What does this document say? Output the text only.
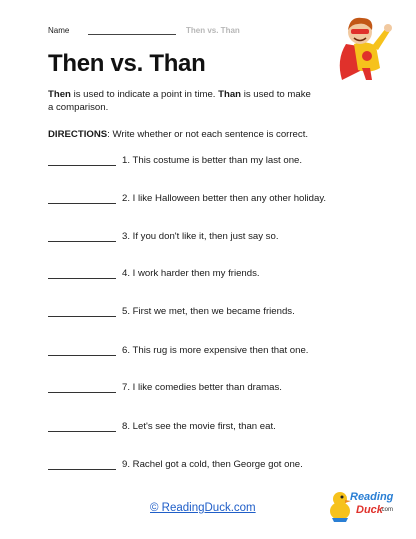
Name	Then vs. Than
Then vs. Than
Then is used to indicate a point in time. Than is used to make a comparison.
DIRECTIONS: Write whether or not each sentence is correct.
1. This costume is better than my last one.
2. I like Halloween better then any other holiday.
3. If you don't like it, then just say so.
4. I work harder then my friends.
5. First we met, then we became friends.
6. This rug is more expensive then that one.
7. I like comedies better than dramas.
8. Let's see the movie first, than eat.
9. Rachel got a cold, then George got one.
© ReadingDuck.com
Reading
Duck
.com
